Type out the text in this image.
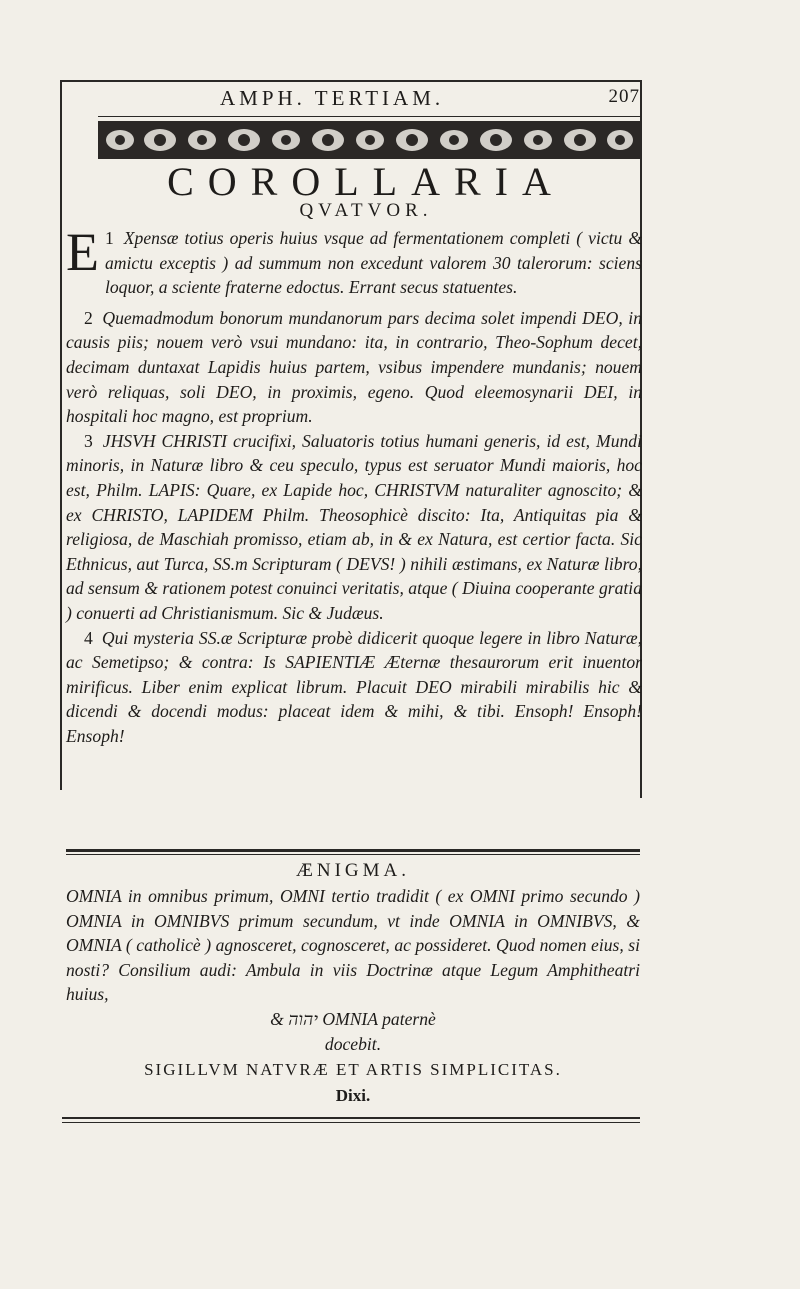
AMPH. TERTIAM.	207
COROLLARIA
QVATVOR.

1
E Xpensæ totius operis huius vsque ad fermentationem completi ( victu & amictu exceptis ) ad summum non excedunt valorem 30 talerorum: sciens loquor, a sciente fraterne edoctus. Errant secus statuentes.

2 Quemadmodum bonorum mundanorum pars decima solet impendi DEO, in causis piis; nouem verò vsui mundano: ita, in contrario, Theo-Sophum decet, decimam duntaxat Lapidis huius partem, vsibus impendere mundanis; nouem verò reliquas, soli DEO, in proximis, egeno. Quod eleemosynarii DEI, in hospitali hoc magno, est proprium.

3 JHSVH CHRISTI crucifixi, Saluatoris totius humani generis, id est, Mundi minoris, in Naturæ libro & ceu speculo, typus est seruator Mundi maioris, hoc est, Philm. LAPIS: Quare, ex Lapide hoc, CHRISTVM naturaliter agnoscito; & ex CHRISTO, LAPIDEM Philm. Theosophicè discito: Ita, Antiquitas pia & religiosa, de Maschiah promisso, etiam ab, in & ex Natura, est certior facta. Sic Ethnicus, aut Turca, SS.m Scripturam ( DEVS! ) nihili æstimans, ex Naturæ libro, ad sensum & rationem potest conuinci veritatis, atque ( Diuina cooperante gratia ) conuerti ad Christianismum. Sic & Judæus.

4 Qui mysteria SS.æ Scripturæ probè didicerit quoque legere in libro Naturæ, ac Semetipso; & contra: Is SAPIENTIÆ Æternæ thesaurorum erit inuentor mirificus. Liber enim explicat librum. Placuit DEO mirabili mirabilis hic & dicendi & docendi modus: placeat idem & mihi, & tibi. Ensoph! Ensoph! Ensoph!

ÆNIGMA.

OMNIA in omnibus primum, OMNI tertio tradidit ( ex OMNI primo secundo ) OMNIA in OMNIBVS primum secundum, vt inde OMNIA in OMNIBVS, & OMNIA ( catholicè ) agnosceret, cognosceret, ac possideret. Quod nomen eius, si nosti? Consilium audi: Ambula in viis Doctrinæ atque Legum Amphitheatri huius,

& יהוה OMNIA paternè

docebit.

SIGILLVM NATVRÆ ET ARTIS SIMPLICITAS.
Dixi.
